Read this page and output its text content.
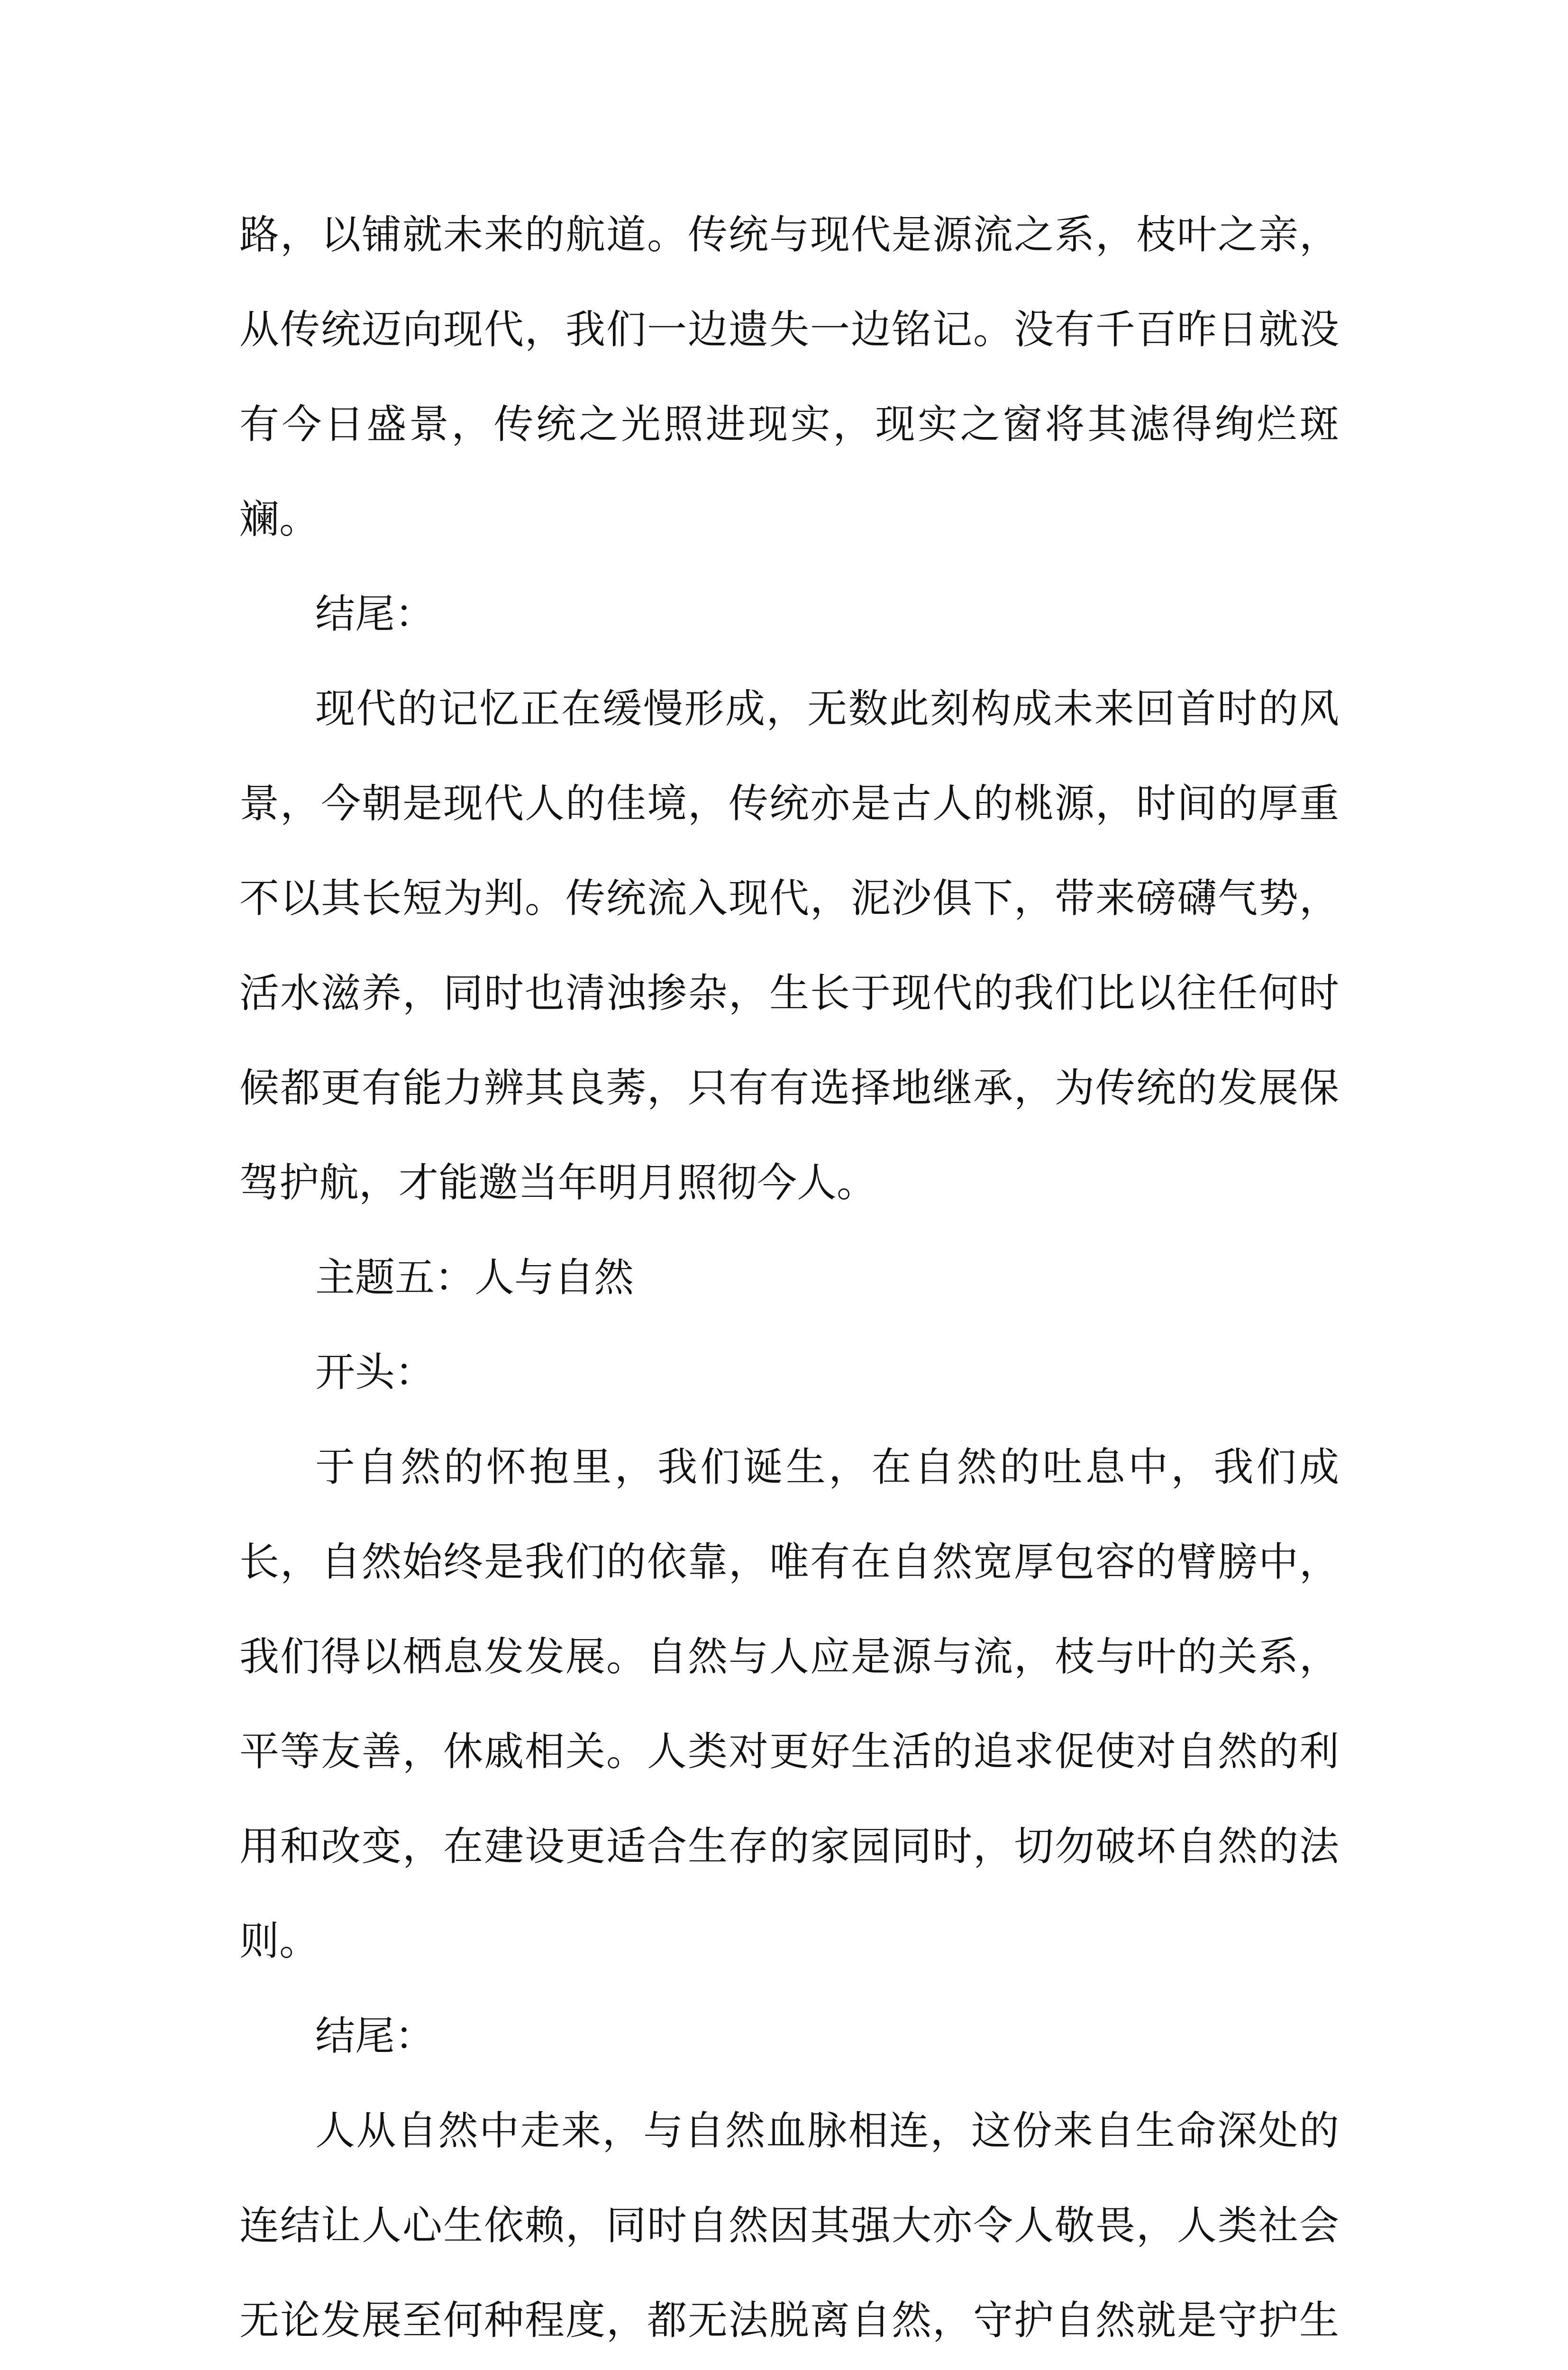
路，以铺就未来的航道。传统与现代是源流之系，枝叶之亲，从传统迈向现代，我们一边遗失一边铭记。没有千百昨日就没有今日盛景，传统之光照进现实，现实之窗将其滤得绚烂斑斓。

结尾：

现代的记忆正在缓慢形成，无数此刻构成未来回首时的风景，今朝是现代人的佳境，传统亦是古人的桃源，时间的厚重不以其长短为判。传统流入现代，泥沙俱下，带来磅礴气势，活水滋养，同时也清浊掺杂，生长于现代的我们比以往任何时候都更有能力辨其良莠，只有有选择地继承，为传统的发展保驾护航，才能邀当年明月照彻今人。

主题五：人与自然

开头：

于自然的怀抱里，我们诞生，在自然的吐息中，我们成长，自然始终是我们的依靠，唯有在自然宽厚包容的臂膀中，我们得以栖息发发展。自然与人应是源与流，枝与叶的关系，平等友善，休戚相关。人类对更好生活的追求促使对自然的利用和改变，在建设更适合生存的家园同时，切勿破坏自然的法则。

结尾：

人从自然中走来，与自然血脉相连，这份来自生命深处的连结让人心生依赖，同时自然因其强大亦令人敬畏，人类社会无论发展至何种程度，都无法脱离自然，守护自然就是守护生
